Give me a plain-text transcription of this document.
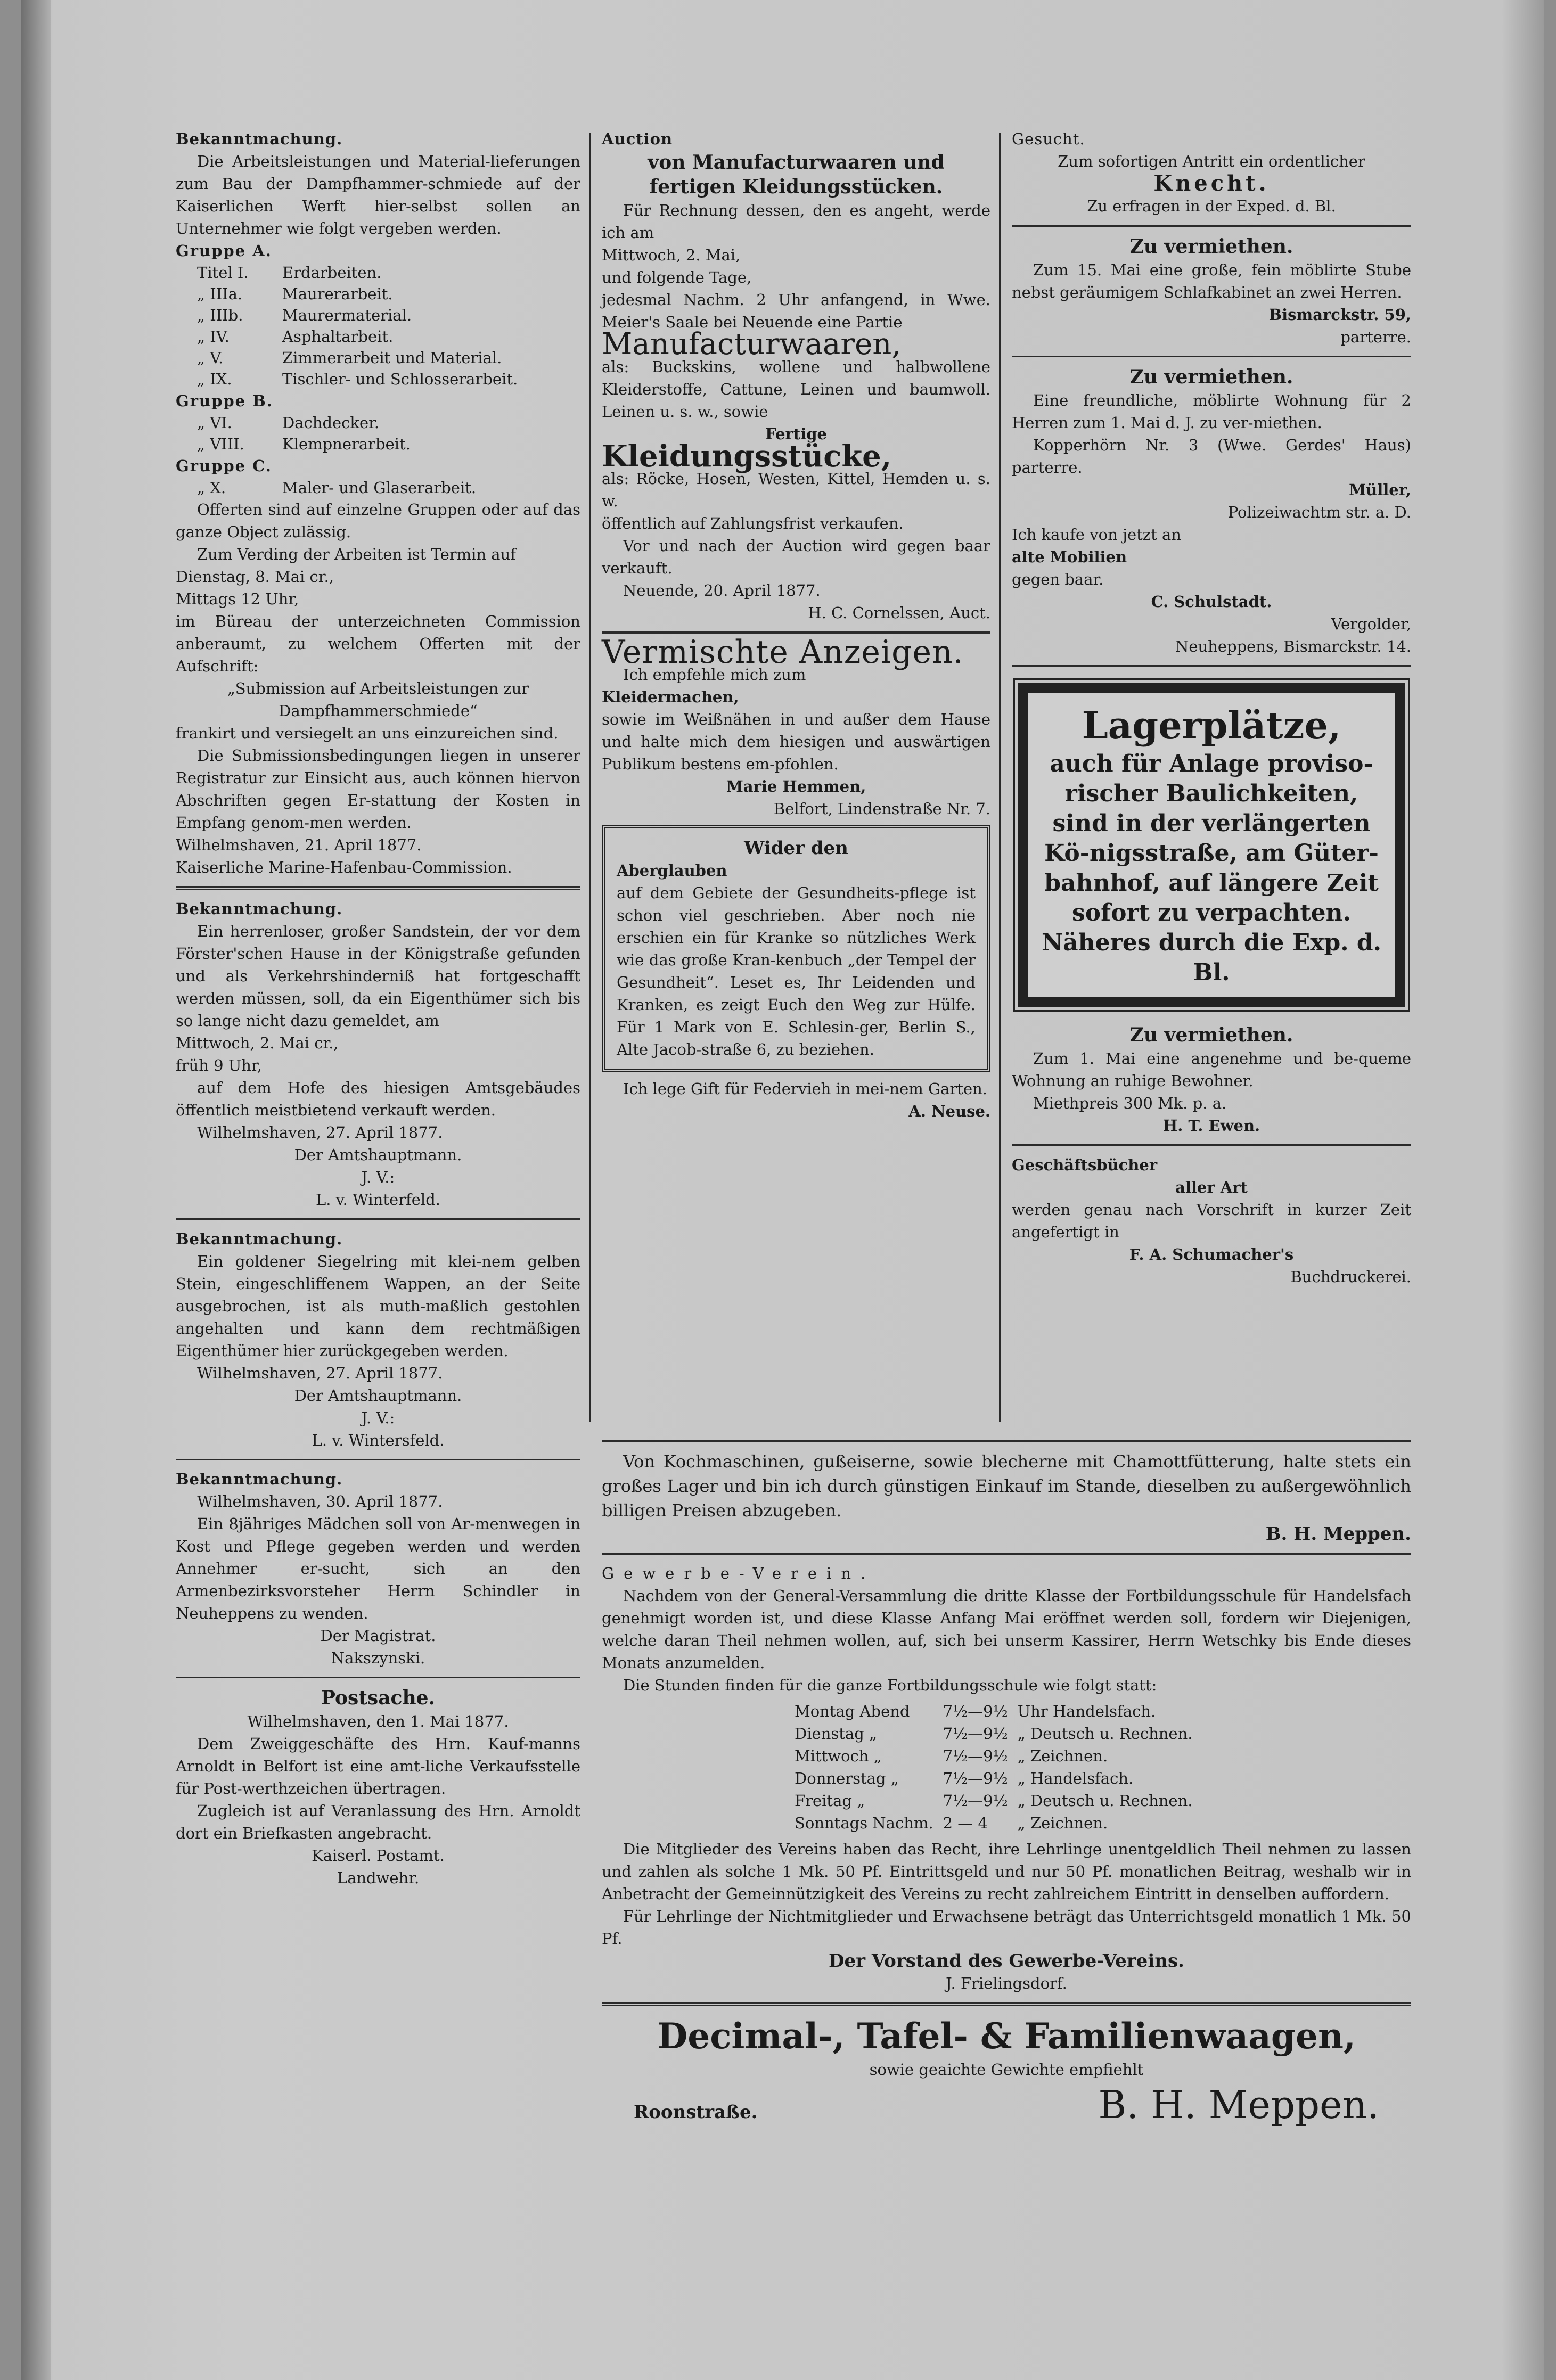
Bekanntmachung.

Die Arbeitsleistungen und Material-lieferungen zum Bau der Dampfhammer-schmiede auf der Kaiserlichen Werft hier-selbst sollen an Unternehmer wie folgt vergeben werden.

Gruppe A.

Titel I. Erdarbeiten.
„ IIIa.	Maurerarbeit.
„ IIIb.	Maurermaterial.
„ IV.	Asphaltarbeit.
„ V.	Zimmerarbeit und Material.
„ IX.	Tischler- und Schlosserarbeit.

Gruppe B.

„ VI.	Dachdecker.
„ VIII. Klempnerarbeit.

Gruppe C.

„ X.	Maler- und Glaserarbeit.

Offerten sind auf einzelne Gruppen oder auf das ganze Object zulässig.

Zum Verding der Arbeiten ist Termin auf

Dienstag, 8. Mai cr.,

Mittags 12 Uhr,

im Büreau der unterzeichneten Commission anberaumt, zu welchem Offerten mit der Aufschrift:

„Submission auf Arbeitsleistungen zur Dampfhammerschmiede“

frankirt und versiegelt an uns einzureichen sind.

Die Submissionsbedingungen liegen in unserer Registratur zur Einsicht aus, auch können hiervon Abschriften gegen Er-stattung der Kosten in Empfang genom-men werden.

Wilhelmshaven, 21. April 1877.

Kaiserliche Marine-Hafenbau-Commission.

Bekanntmachung.

Ein herrenloser, großer Sandstein, der vor dem Förster'schen Hause in der Königstraße gefunden und als Verkehrshinderniß hat fortgeschafft werden müssen, soll, da ein Eigenthümer sich bis so lange nicht dazu gemeldet, am

Mittwoch, 2. Mai cr.,

früh 9 Uhr,

auf dem Hofe des hiesigen Amtsgebäudes öffentlich meistbietend verkauft werden.

Wilhelmshaven, 27. April 1877.

Der Amtshauptmann.

J. V.:

L. v. Winterfeld.

Bekanntmachung.

Ein goldener Siegelring mit klei-nem gelben Stein, eingeschliffenem Wappen, an der Seite ausgebrochen, ist als muth-maßlich gestohlen angehalten und kann dem rechtmäßigen Eigenthümer hier zurückgegeben werden.

Wilhelmshaven, 27. April 1877.

Der Amtshauptmann.

J. V.:

L. v. Wintersfeld.

Bekanntmachung.

Wilhelmshaven, 30. April 1877.

Ein 8jähriges Mädchen soll von Ar-menwegen in Kost und Pflege gegeben werden und werden Annehmer er-sucht, sich an den Armenbezirksvorsteher Herrn Schindler in Neuheppens zu wenden.

Der Magistrat.

Nakszynski.

Postsache.

Wilhelmshaven, den 1. Mai 1877.

Dem Zweiggeschäfte des Hrn. Kauf-manns Arnoldt in Belfort ist eine amt-liche Verkaufsstelle für Post-werthzeichen übertragen.

Zugleich ist auf Veranlassung des Hrn. Arnoldt dort ein Briefkasten angebracht.

Kaiserl. Postamt.

Landwehr.

Auction

von Manufacturwaaren und fertigen Kleidungsstücken.

Für Rechnung dessen, den es angeht, werde ich am

Mittwoch, 2. Mai,

und folgende Tage,

jedesmal Nachm. 2 Uhr anfangend, in Wwe. Meier's Saale bei Neuende eine Partie

Manufacturwaaren,

als: Buckskins, wollene und halbwollene Kleiderstoffe, Cattune, Leinen und baumwoll. Leinen u. s. w., sowie

Fertige

Kleidungsstücke,

als: Röcke, Hosen, Westen, Kittel, Hemden u. s. w.

öffentlich auf Zahlungsfrist verkaufen.

Vor und nach der Auction wird gegen baar verkauft.

Neuende, 20. April 1877.

H. C. Cornelssen, Auct.

Vermischte Anzeigen.

Ich empfehle mich zum

Kleidermachen,

sowie im Weißnähen in und außer dem Hause und halte mich dem hiesigen und auswärtigen Publikum bestens em-pfohlen.

Marie Hemmen,

Belfort, Lindenstraße Nr. 7.

Wider den

Aberglauben

auf dem Gebiete der Gesundheits-pflege ist schon viel geschrieben. Aber noch nie erschien ein für Kranke so nützliches Werk wie das große Kran-kenbuch „der Tempel der Gesundheit“. Leset es, Ihr Leidenden und Kranken, es zeigt Euch den Weg zur Hülfe. Für 1 Mark von E. Schlesin-ger, Berlin S., Alte Jacob-straße 6, zu beziehen.

Ich lege Gift für Federvieh in mei-nem Garten.

A. Neuse.

Gesucht.

Zum sofortigen Antritt ein ordentlicher

Knecht.

Zu erfragen in der Exped. d. Bl.

Zu vermiethen.

Zum 15. Mai eine große, fein möblirte Stube nebst geräumigem Schlafkabinet an zwei Herren.

Bismarckstr. 59,

parterre.

Zu vermiethen.

Eine freundliche, möblirte Wohnung für 2 Herren zum 1. Mai d. J. zu ver-miethen.

Kopperhörn Nr. 3 (Wwe. Gerdes' Haus) parterre.

Müller,

Polizeiwachtm str. a. D.

Ich kaufe von jetzt an

alte Mobilien

gegen baar.

C. Schulstadt.

Vergolder,

Neuheppens, Bismarckstr. 14.

Lagerplätze,

auch für Anlage proviso-rischer Baulichkeiten, sind in der verlängerten Kö-nigsstraße, am Güter-bahnhof, auf längere Zeit sofort zu verpachten.

Näheres durch die Exp. d. Bl.

Zu vermiethen.

Zum 1. Mai eine angenehme und be-queme Wohnung an ruhige Bewohner.

Miethpreis 300 Mk. p. a.

H. T. Ewen.

Geschäftsbücher

aller Art

werden genau nach Vorschrift in kurzer Zeit angefertigt in

F. A. Schumacher's

Buchdruckerei.

Von Kochmaschinen, gußeiserne, sowie blecherne mit Chamottfütterung, halte stets ein großes Lager und bin ich durch günstigen Einkauf im Stande, dieselben zu außergewöhnlich billigen Preisen abzugeben.

B. H. Meppen.

Gewerbe-Verein.

Nachdem von der General-Versammlung die dritte Klasse der Fortbildungsschule für Handelsfach genehmigt worden ist, und diese Klasse Anfang Mai eröffnet werden soll, fordern wir Diejenigen, welche daran Theil nehmen wollen, auf, sich bei unserm Kassirer, Herrn Wetschky bis Ende dieses Monats anzumelden.

Die Stunden finden für die ganze Fortbildungsschule wie folgt statt:

Montag Abend	7½—9½	Uhr Handelsfach.
Dienstag „	7½—9½	„ Deutsch u. Rechnen.
Mittwoch „	7½—9½	„ Zeichnen.
Donnerstag „	7½—9½	„ Handelsfach.
Freitag „	7½—9½	„ Deutsch u. Rechnen.
Sonntags Nachm.	2 — 4	„ Zeichnen.

Die Mitglieder des Vereins haben das Recht, ihre Lehrlinge unentgeldlich Theil nehmen zu lassen und zahlen als solche 1 Mk. 50 Pf. Eintrittsgeld und nur 50 Pf. monatlichen Beitrag, weshalb wir in Anbetracht der Gemeinnützigkeit des Vereins zu recht zahlreichem Eintritt in denselben auffordern.

Für Lehrlinge der Nichtmitglieder und Erwachsene beträgt das Unterrichtsgeld monatlich 1 Mk. 50 Pf.

Der Vorstand des Gewerbe-Vereins.

J. Frielingsdorf.

Decimal-, Tafel- & Familienwaagen,

sowie geaichte Gewichte empfiehlt

Roonstraße.	B. H. Meppen.
